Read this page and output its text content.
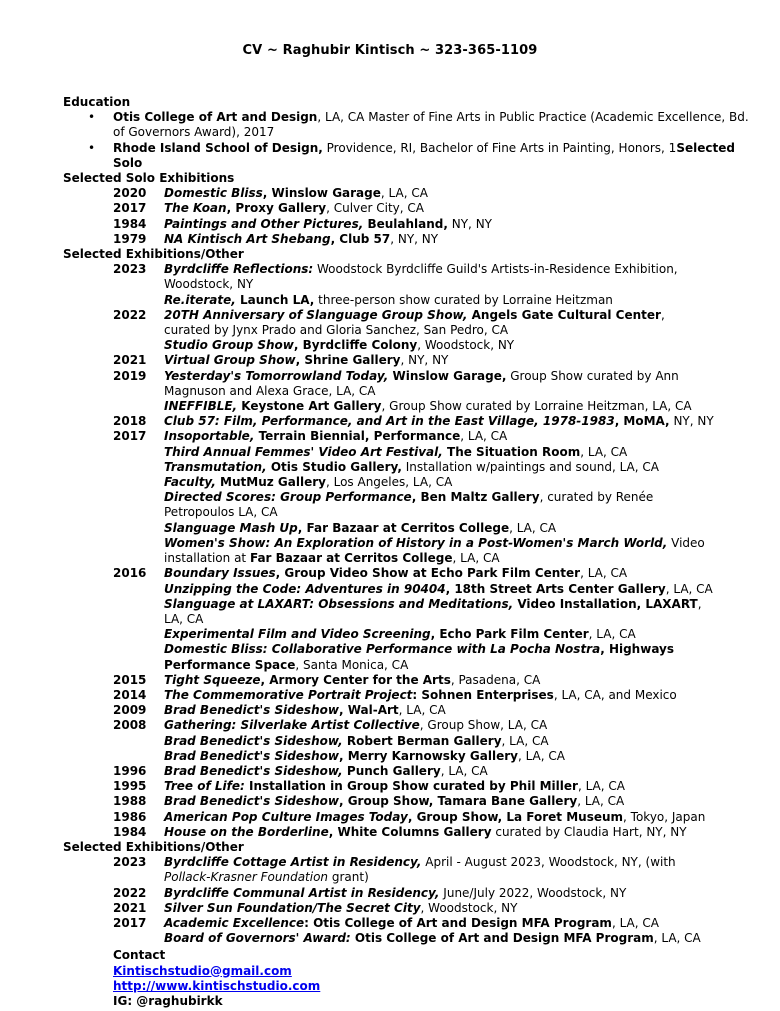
CV ~ Raghubir Kintisch ~ 323-365-1109
Education
• Otis College of Art and Design, LA, CA Master of Fine Arts in Public Practice (Academic Excellence, Bd. of Governors Award), 2017
• Rhode Island School of Design, Providence, RI, Bachelor of Fine Arts in Painting, Honors, 1Selected Solo
Selected Solo Exhibitions
2020	Domestic Bliss, Winslow Garage, LA, CA
2017	The Koan, Proxy Gallery, Culver City, CA
1984	Paintings and Other Pictures, Beulahland, NY, NY
1979	NA Kintisch Art Shebang, Club 57, NY, NY
Selected Exhibitions/Other
2023	Byrdcliffe Reflections: Woodstock Byrdcliffe Guild's Artists-in-Residence Exhibition, Woodstock, NY
Re.iterate, Launch LA, three-person show curated by Lorraine Heitzman
2022	20TH Anniversary of Slanguage Group Show, Angels Gate Cultural Center, curated by Jynx Prado and Gloria Sanchez, San Pedro, CA
Studio Group Show, Byrdcliffe Colony, Woodstock, NY
2021	Virtual Group Show, Shrine Gallery, NY, NY
2019	Yesterday's Tomorrowland Today, Winslow Garage, Group Show curated by Ann Magnuson and Alexa Grace, LA, CA
INEFFIBLE, Keystone Art Gallery, Group Show curated by Lorraine Heitzman, LA, CA
2018	Club 57: Film, Performance, and Art in the East Village, 1978-1983, MoMA, NY, NY
2017	Insoportable, Terrain Biennial, Performance, LA, CA
Third Annual Femmes' Video Art Festival, The Situation Room, LA, CA
Transmutation, Otis Studio Gallery, Installation w/paintings and sound, LA, CA
Faculty, MutMuz Gallery, Los Angeles, LA, CA
Directed Scores: Group Performance, Ben Maltz Gallery, curated by Renée Petropoulos LA, CA
Slanguage Mash Up, Far Bazaar at Cerritos College, LA, CA
Women's Show: An Exploration of History in a Post-Women's March World, Video installation at Far Bazaar at Cerritos College, LA, CA
2016	Boundary Issues, Group Video Show at Echo Park Film Center, LA, CA
Unzipping the Code: Adventures in 90404, 18th Street Arts Center Gallery, LA, CA
Slanguage at LAXART: Obsessions and Meditations, Video Installation, LAXART, LA, CA
Experimental Film and Video Screening, Echo Park Film Center, LA, CA
Domestic Bliss: Collaborative Performance with La Pocha Nostra, Highways Performance Space, Santa Monica, CA
2015	Tight Squeeze, Armory Center for the Arts, Pasadena, CA
2014	The Commemorative Portrait Project: Sohnen Enterprises, LA, CA, and Mexico
2009	Brad Benedict's Sideshow, Wal-Art, LA, CA
2008	Gathering: Silverlake Artist Collective, Group Show, LA, CA
Brad Benedict's Sideshow, Robert Berman Gallery, LA, CA
Brad Benedict's Sideshow, Merry Karnowsky Gallery, LA, CA
1996	Brad Benedict's Sideshow, Punch Gallery, LA, CA
1995	Tree of Life: Installation in Group Show curated by Phil Miller, LA, CA
1988	Brad Benedict's Sideshow, Group Show, Tamara Bane Gallery, LA, CA
1986	American Pop Culture Images Today, Group Show, La Foret Museum, Tokyo, Japan
1984	House on the Borderline, White Columns Gallery curated by Claudia Hart, NY, NY
Selected Exhibitions/Other
2023	Byrdcliffe Cottage Artist in Residency, April - August 2023, Woodstock, NY, (with Pollack-Krasner Foundation grant)
2022	Byrdcliffe Communal Artist in Residency, June/July 2022, Woodstock, NY
2021	Silver Sun Foundation/The Secret City, Woodstock, NY
2017	Academic Excellence: Otis College of Art and Design MFA Program, LA, CA
Board of Governors' Award: Otis College of Art and Design MFA Program, LA, CA
Contact
Kintischstudio@gmail.com
http://www.kintischstudio.com
IG: @raghubirkk
